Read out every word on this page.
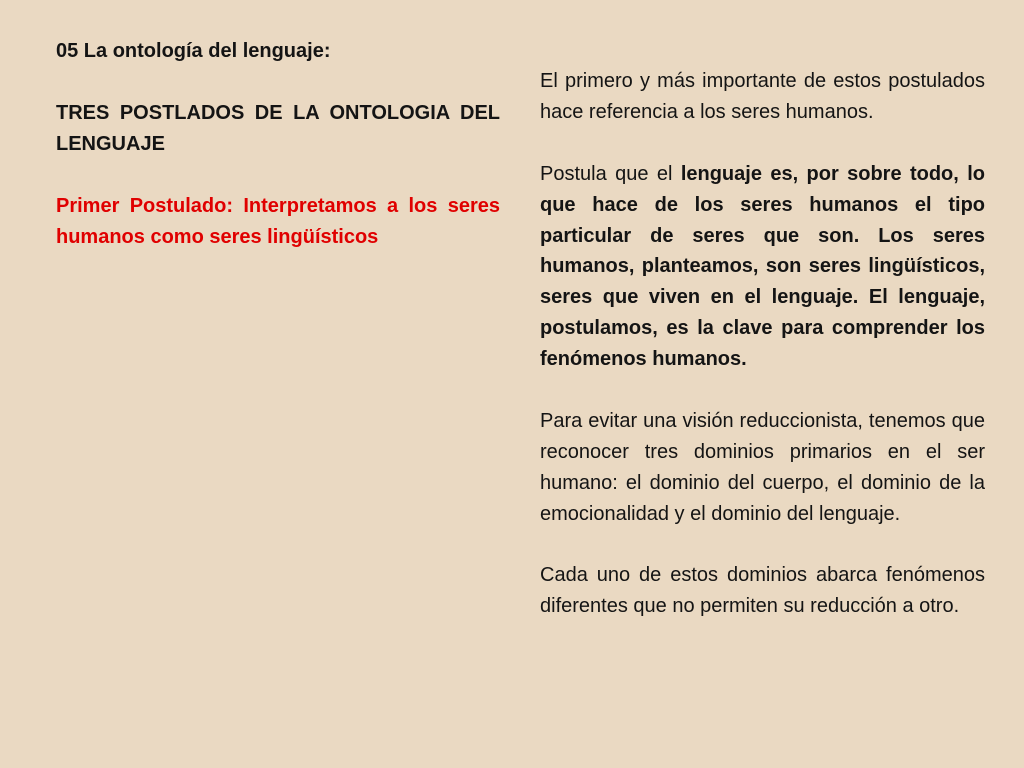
05 La ontología del lenguaje:

TRES POSTLADOS DE LA ONTOLOGIA DEL LENGUAJE

Primer Postulado: Interpretamos a los seres humanos como seres lingüísticos

El primero y más importante de estos postulados hace referencia a los seres humanos.

Postula que el lenguaje es, por sobre todo, lo que hace de los seres humanos el tipo particular de seres que son. Los seres humanos, planteamos, son seres lingüísticos, seres que viven en el lenguaje. El lenguaje, postulamos, es la clave para comprender los fenómenos humanos.

Para evitar una visión reduccionista, tenemos que reconocer tres dominios primarios en el ser humano: el dominio del cuerpo, el dominio de la emocionalidad y el dominio del lenguaje.

Cada uno de estos dominios abarca fenómenos diferentes que no permiten su reducción a otro.
